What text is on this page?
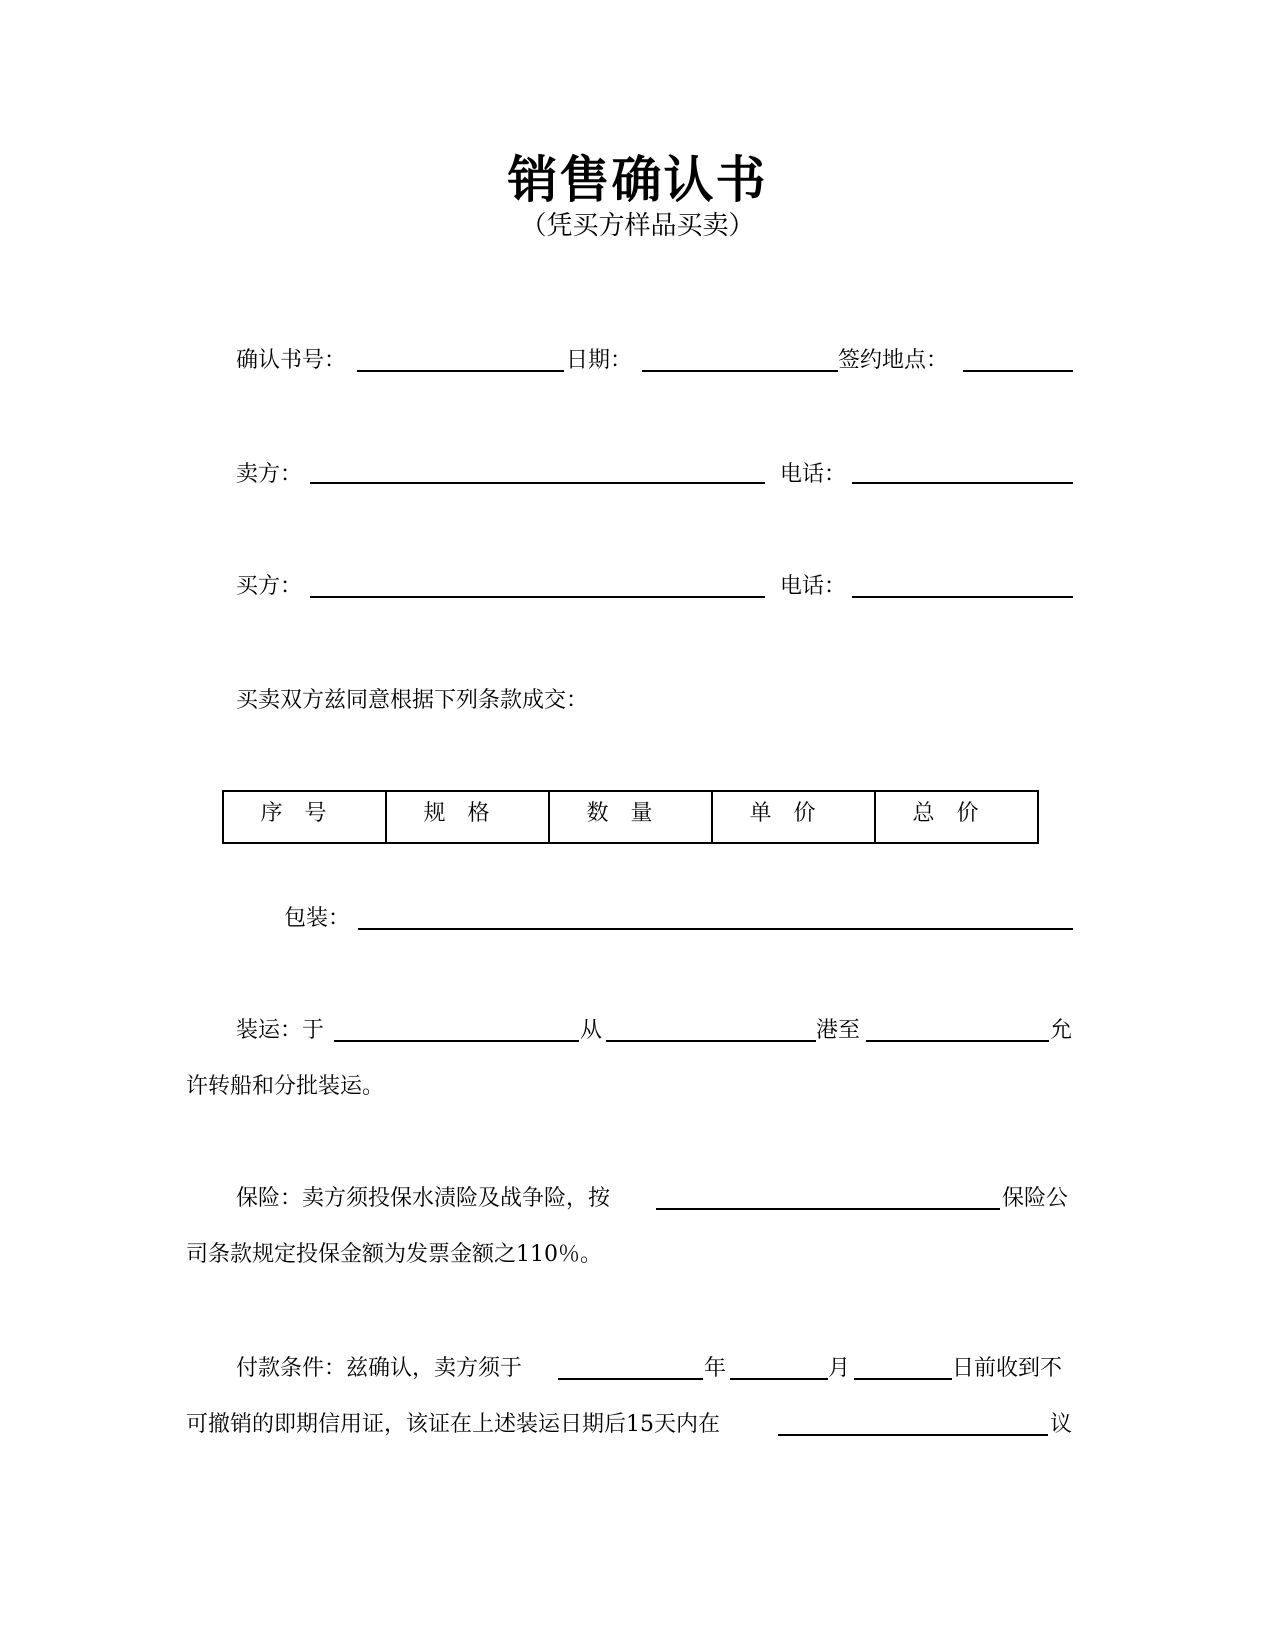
销售确认书
（凭买方样品买卖）
确认书号：	日期：	签约地点：
卖方：	电话：
买方：	电话：
买卖双方兹同意根据下列条款成交：
序号	规格	数量	单价	总价
包装：
装运：于	从	港至	允
许转船和分批装运。
保险：卖方须投保水渍险及战争险，按	保险公
司条款规定投保金额为发票金额之110％。
付款条件：兹确认，卖方须于	年	月	日前收到不
可撤销的即期信用证，该证在上述装运日期后15天内在	议
